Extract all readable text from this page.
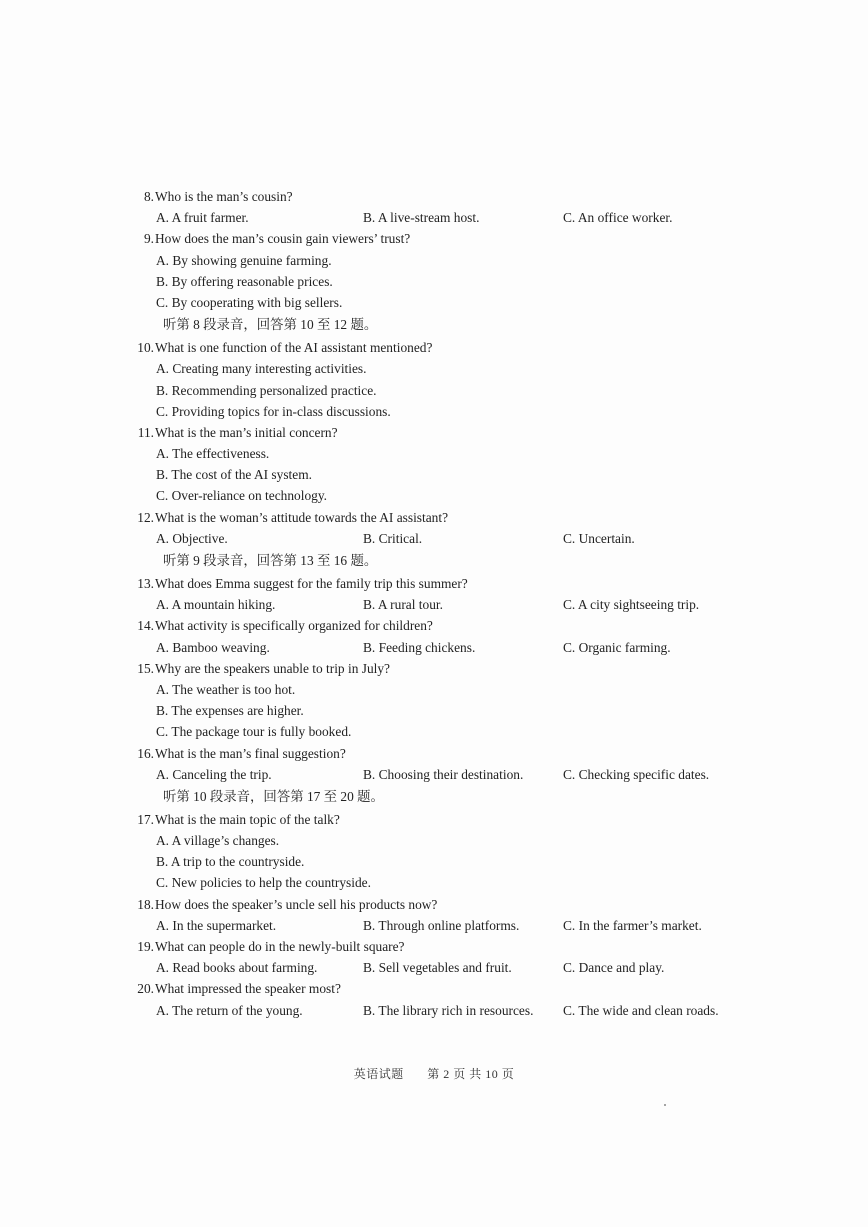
8.Who is the man’s cousin?
A. A fruit farmer.	B. A live-stream host.	C. An office worker.
9.How does the man’s cousin gain viewers’ trust?
A. By showing genuine farming.
B. By offering reasonable prices.
C. By cooperating with big sellers.
听第 8 段录音，回答第 10 至 12 题。
10.What is one function of the AI assistant mentioned?
A. Creating many interesting activities.
B. Recommending personalized practice.
C. Providing topics for in-class discussions.
11.What is the man’s initial concern?
A. The effectiveness.
B. The cost of the AI system.
C. Over-reliance on technology.
12.What is the woman’s attitude towards the AI assistant?
A. Objective.	B. Critical.	C. Uncertain.
听第 9 段录音，回答第 13 至 16 题。
13.What does Emma suggest for the family trip this summer?
A. A mountain hiking.	B. A rural tour.	C. A city sightseeing trip.
14.What activity is specifically organized for children?
A. Bamboo weaving.	B. Feeding chickens.	C. Organic farming.
15.Why are the speakers unable to trip in July?
A. The weather is too hot.
B. The expenses are higher.
C. The package tour is fully booked.
16.What is the man’s final suggestion?
A. Canceling the trip.	B. Choosing their destination.	C. Checking specific dates.
听第 10 段录音，回答第 17 至 20 题。
17.What is the main topic of the talk?
A. A village’s changes.
B. A trip to the countryside.
C. New policies to help the countryside.
18.How does the speaker’s uncle sell his products now?
A. In the supermarket.	B. Through online platforms.	C. In the farmer’s market.
19.What can people do in the newly-built square?
A. Read books about farming.	B. Sell vegetables and fruit.	C. Dance and play.
20.What impressed the speaker most?
A. The return of the young.	B. The library rich in resources. C. The wide and clean roads.
英语试题 第 2 页 共 10 页
